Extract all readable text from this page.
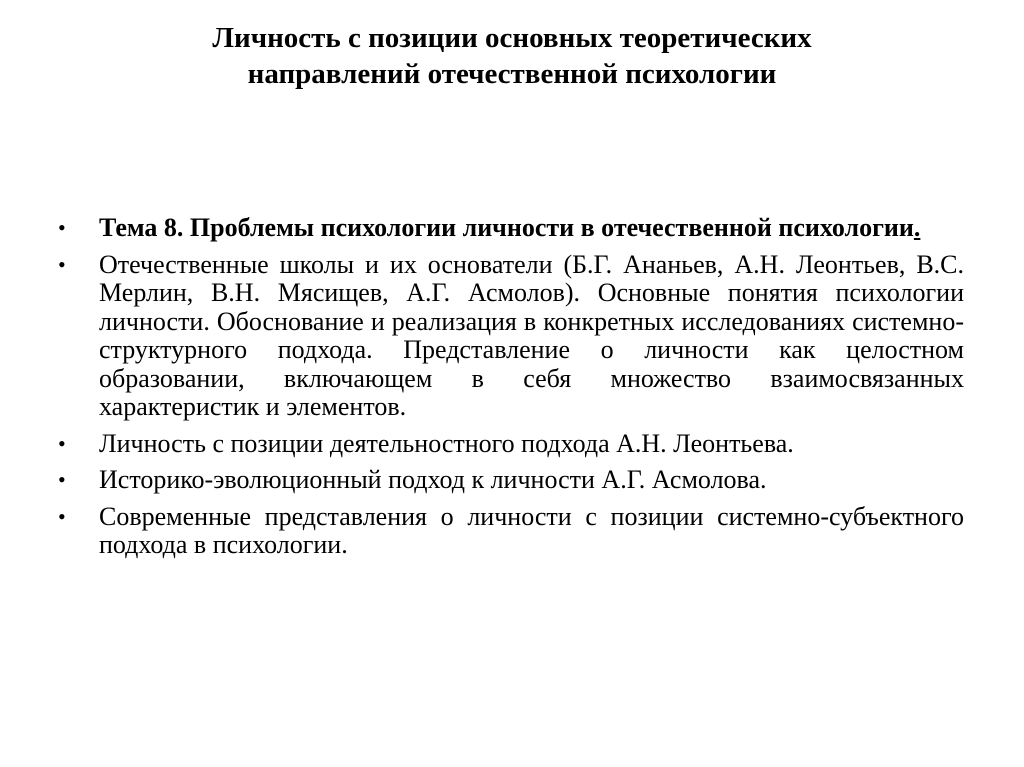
Личность с позиции основных теоретических
направлений отечественной психологии
•	Тема 8. Проблемы психологии личности в отечественной психологии.
•	Отечественные школы и их основатели (Б.Г. Ананьев, А.Н. Леонтьев, В.С. Мерлин, В.Н. Мясищев, А.Г. Асмолов). Основные понятия психологии личности. Обоснование и реализация в конкретных исследованиях системно-структурного подхода. Представление о личности как целостном образовании, включающем в себя множество взаимосвязанных характеристик и элементов.
•	Личность с позиции деятельностного подхода А.Н. Леонтьева.
•	Историко-эволюционный подход к личности А.Г. Асмолова.
•	Современные представления о личности с позиции системно-субъектного подхода в психологии.
